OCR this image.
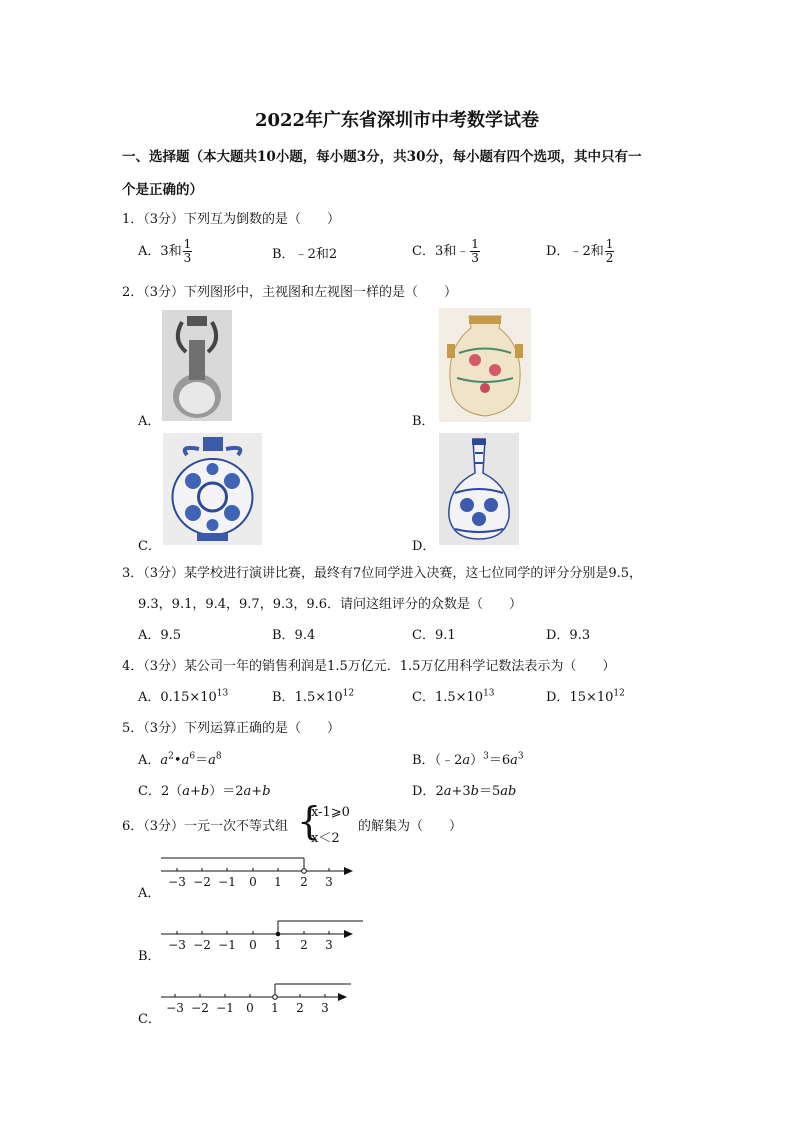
2022年广东省深圳市中考数学试卷
一、选择题（本大题共10小题，每小题3分，共30分，每小题有四个选项，其中只有一
个是正确的）
1．（3分）下列互为倒数的是（　　）
A．3和 $\frac{1}{3}$	B．﹣2和2	C．3和﹣ $\frac{1}{3}$	D．﹣2和 $\frac{1}{2}$
2．（3分）下列图形中，主视图和左视图一样的是（　　）
A．	B．
C．	D．
3．（3分）某学校进行演讲比赛，最终有7位同学进入决赛，这七位同学的评分分别是9.5，
9.3，9.1，9.4，9.7，9.3，9.6．请问这组评分的众数是（　　）
A．9.5	B．9.4	C．9.1	D．9.3
4．（3分）某公司一年的销售利润是1.5万亿元．1.5万亿用科学记数法表示为（　　）
A．$0.15\times 10^{13}$	B．$1.5\times 10^{12}$	C．$1.5\times 10^{13}$	D．$15\times 10^{12}$
5．（3分）下列运算正确的是（　　）
A．$a^2•a^6=a^8$	B．$(﹣2a)^3=6a^3$
C．2（a+b）＝2a+b	D．2a+3b＝5ab
6．（3分）一元一次不等式组 {
x-1⩾0
x＜2
的解集为（　　）
A．
−3 −2 −1 0 1 2 3
B．
−3 −2 −1 0 1 2 3
C．
−3 −2 −1 0 1 2 3
